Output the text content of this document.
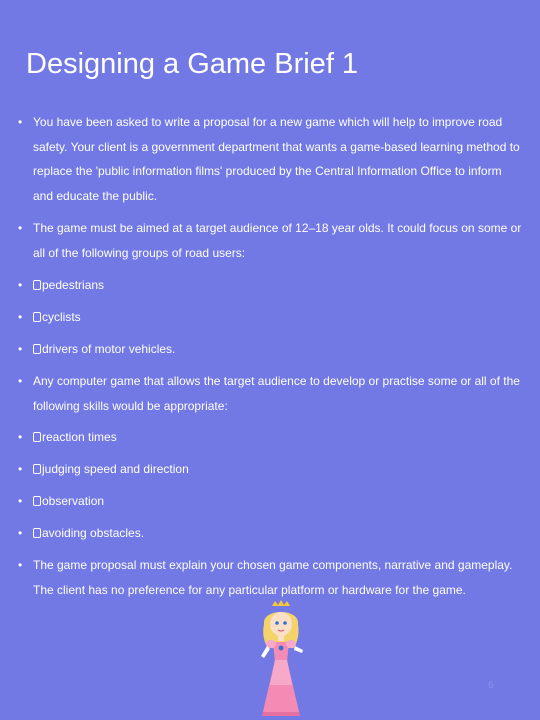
Designing a Game Brief 1
• You have been asked to write a proposal for a new game which will help to improve road safety. Your client is a government department that wants a game-based learning method to replace the 'public information films' produced by the Central Information Office to inform and educate the public.
• The game must be aimed at a target audience of 12–18 year olds. It could focus on some or all of the following groups of road users:
•	pedestrians
•	cyclists
•	drivers of motor vehicles.
• Any computer game that allows the target audience to develop or practise some or all of the following skills would be appropriate:
•	reaction times
•	judging speed and direction
•	observation
•	avoiding obstacles.
• The game proposal must explain your chosen game components, narrative and gameplay. The client has no preference for any particular platform or hardware for the game.
6
